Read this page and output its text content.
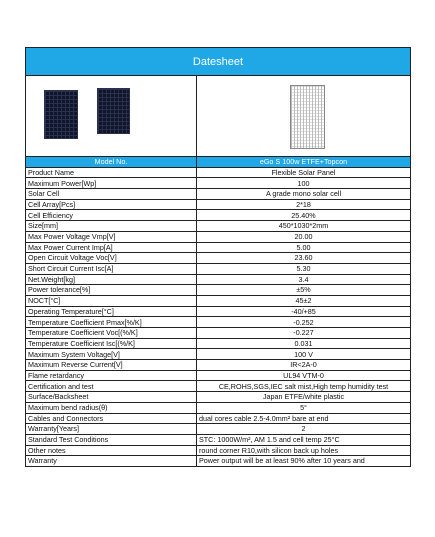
Datesheet
Model No.	eGo S 100w ETFE+Topcon
Product Name	Flexible Solar Panel
Maximum Power[Wp]	100
Solar Cell	A grade mono solar cell
Cell Array[Pcs]	2*18
Cell Efficiency	25.40%
Size[mm]	450*1030*2mm
Max Power Voltage Vmp[V]	20.00
Max Power Current Imp[A]	5.00
Open Circuit Voltage Voc[V]	23.60
Short Circuit Current Isc[A]	5.30
Net.Weight[kg]	3.4
Power tolerance[%]	±5%
NOCT[°C]	45±2
Operating Temperature[°C]	-40/+85
Temperature Coefficient Pmax[%/K]	-0.252
Temperature Coefficient Voc[(%/K]	-0.227
Temperature Coefficient Isc[(%/K]	0.031
Maximum System Voltage[V]	100 V
Maximum Reverse Current[V]	IR<2A-0
Flame retardancy	UL94 VTM-0
Certification and test	CE,ROHS,SGS,IEC salt mist,High temp humidity test
Surface/Backsheet	Japan ETFE/white plastic
Maximum bend radius(θ)	5°
Cables and Connectors	dual cores cable 2.5-4.0mm² bare at end
Warranty[Years]	2
Standard Test Conditions	STC: 1000W/m², AM 1.5 and cell temp 25°C
Other notes	round corner R10,with silicon back up holes
Warranty	Power output will be at least 90% after 10 years and
